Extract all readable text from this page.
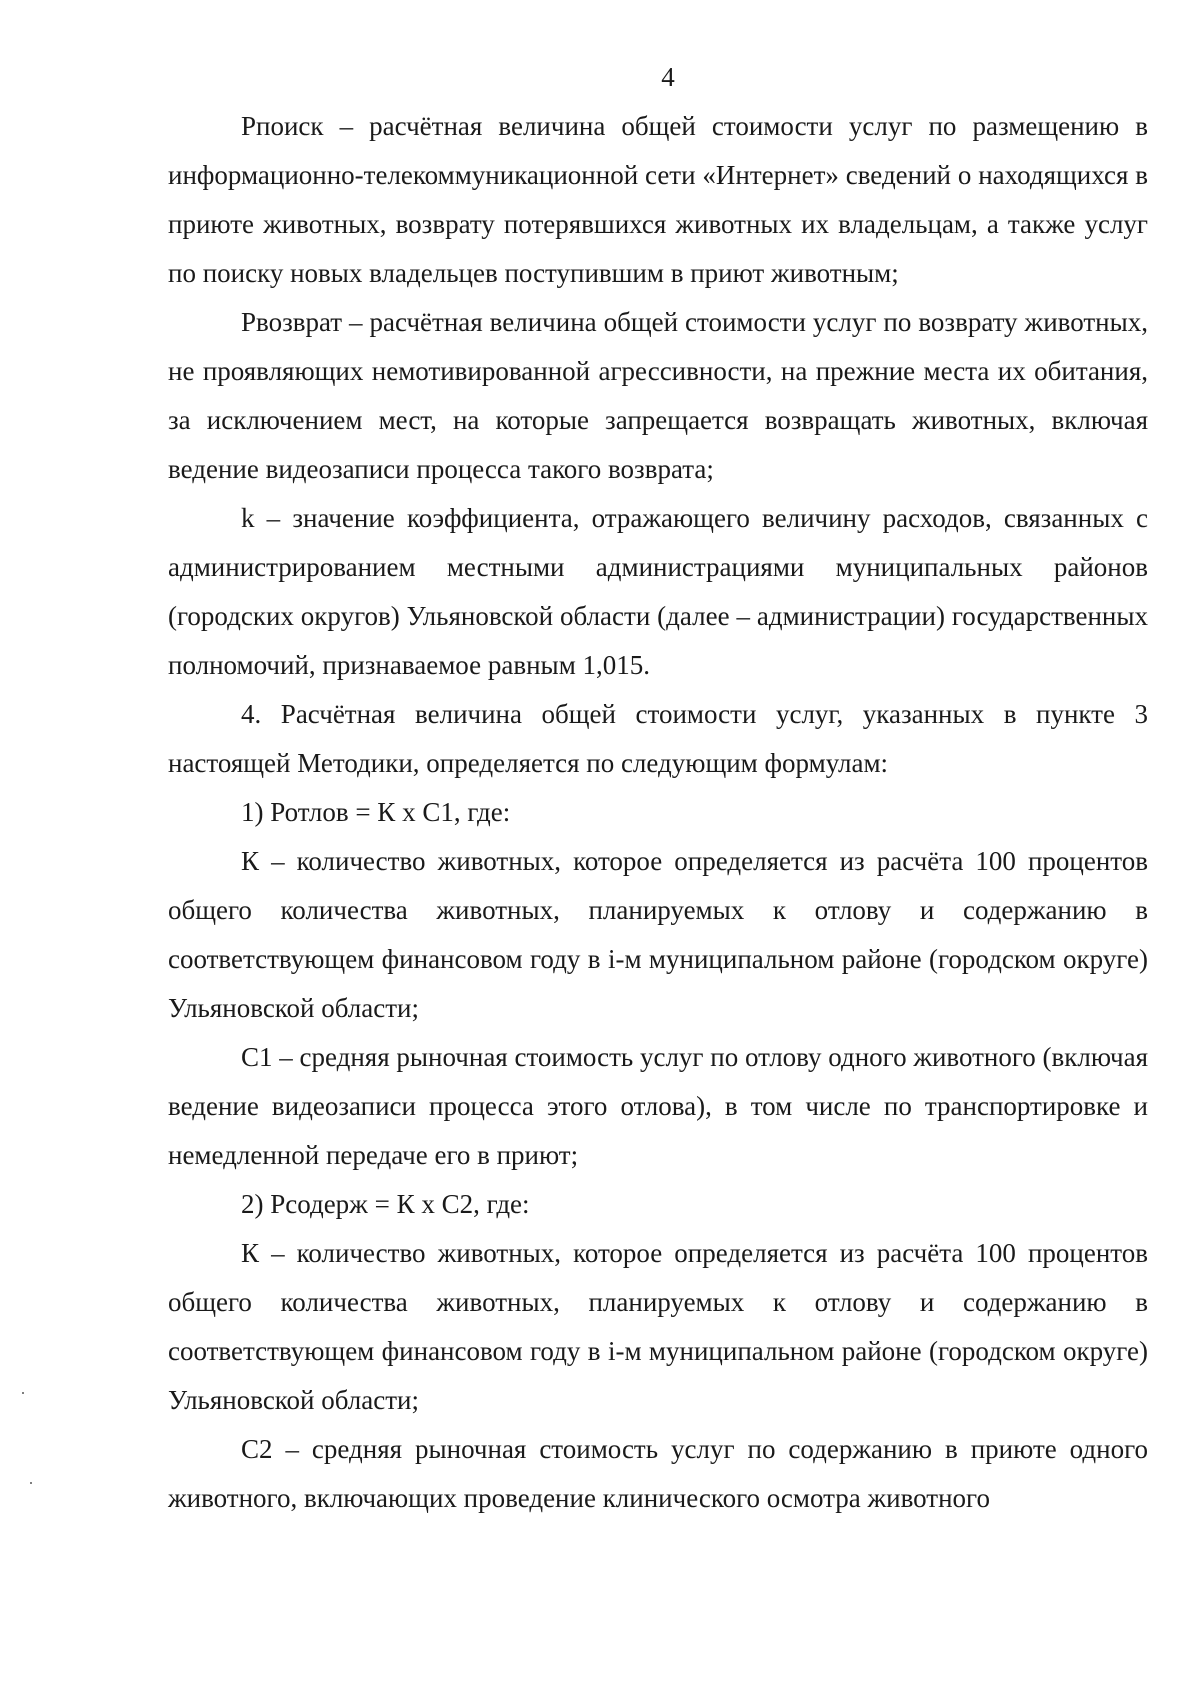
4

Рпоиск – расчётная величина общей стоимости услуг по размещению в информационно-телекоммуникационной сети «Интернет» сведений о находящихся в приюте животных, возврату потерявшихся животных их владельцам, а также услуг по поиску новых владельцев поступившим в приют животным;

Рвозврат – расчётная величина общей стоимости услуг по возврату животных, не проявляющих немотивированной агрессивности, на прежние места их обитания, за исключением мест, на которые запрещается возвращать животных, включая ведение видеозаписи процесса такого возврата;

k – значение коэффициента, отражающего величину расходов, связанных с администрированием местными администрациями муниципальных районов (городских округов) Ульяновской области (далее – администрации) государственных полномочий, признаваемое равным 1,015.

4. Расчётная величина общей стоимости услуг, указанных в пункте 3 настоящей Методики, определяется по следующим формулам:

1) Ротлов = К х С1, где:

К – количество животных, которое определяется из расчёта 100 процентов общего количества животных, планируемых к отлову и содержанию в соответствующем финансовом году в i-м муниципальном районе (городском округе) Ульяновской области;

С1 – средняя рыночная стоимость услуг по отлову одного животного (включая ведение видеозаписи процесса этого отлова), в том числе по транспортировке и немедленной передаче его в приют;

2) Рсодерж = К х С2, где:

К – количество животных, которое определяется из расчёта 100 процентов общего количества животных, планируемых к отлову и содержанию в соответствующем финансовом году в i-м муниципальном районе (городском округе) Ульяновской области;

С2 – средняя рыночная стоимость услуг по содержанию в приюте одного животного, включающих проведение клинического осмотра животного
